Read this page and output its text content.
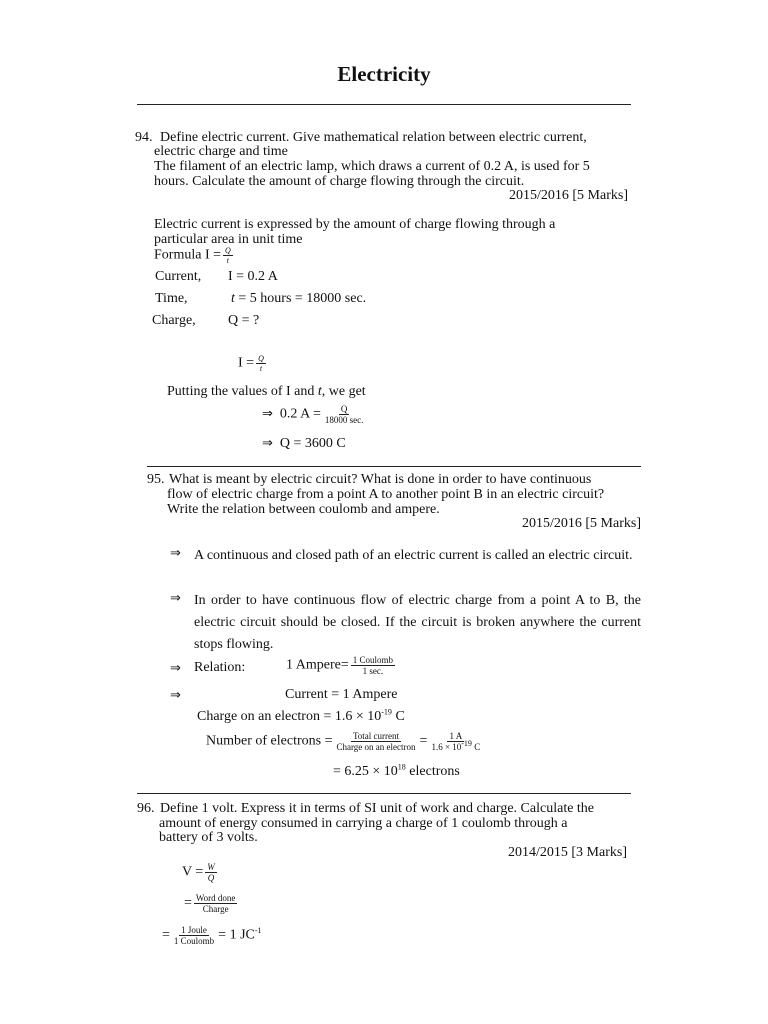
Electricity
94. Define electric current. Give mathematical relation between electric current,
electric charge and time
The filament of an electric lamp, which draws a current of 0.2 A, is used for 5
hours. Calculate the amount of charge flowing through the circuit.
2015/2016 [5 Marks]
Electric current is expressed by the amount of charge flowing through a
particular area in unit time
Formula $I = \frac{Q}{t}$
Current, I = 0.2 A
Time,	t = 5 hours = 18000 sec.
Charge, Q = ?
$I = \frac{Q}{t}$
Putting the values of I and t, we get
⇒ 0.2 $A = \frac{Q}{18000 \sec.}$
⇒ Q = 3600 C
95. What is meant by electric circuit? What is done in order to have continuous
flow of electric charge from a point A to another point B in an electric circuit?
Write the relation between coulomb and ampere.
2015/2016 [5 Marks]
⇒ A continuous and closed path of an electric current is called an electric circuit.
⇒ In order to have continuous flow of electric charge from a point A to B, the electric circuit should be closed. If the circuit is broken anywhere the current stops flowing.
⇒ Relation:	1 Ampere= $\frac{\text{1 Coulomb}}{1 \sec.}$
⇒	Current = 1 Ampere
Charge on an electron = $1.6 \times 10^{-19}$ C
Number of electrons = $\frac{\text{Total current}}{\text{Charge on an electron}} = \frac{1 A}{1.6 \times 10^{-19} C}$
= $6.25 \times 10^{18}$ electrons
96. Define 1 volt. Express it in terms of SI unit of work and charge. Calculate the
amount of energy consumed in carrying a charge of 1 coulomb through a
battery of 3 volts.
2014/2015 [3 Marks]
$V = \frac{W}{Q}$
= $\frac{\text{Word done}}{\text{Charge}}$
= $\frac{\text{1 Joule}}{\text{1 Coulomb}} = 1$ $JC^{-1}$
